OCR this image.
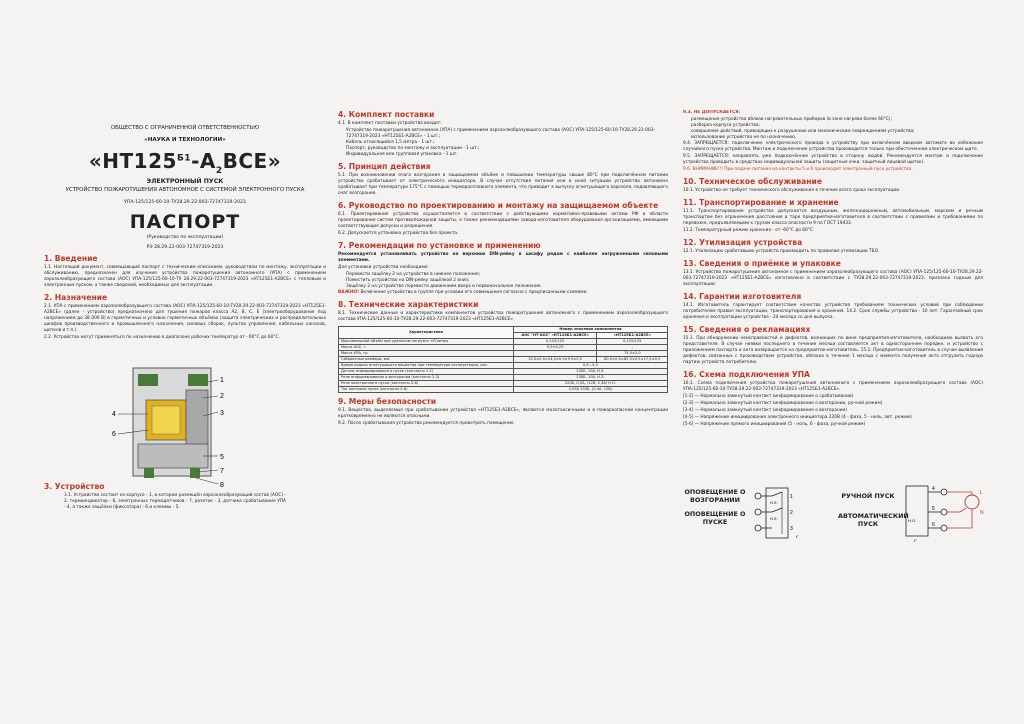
ОБЩЕСТВО С ОГРАНИЧЕННОЙ ОТВЕТСТВЕННОСТЬЮ
«НАУКА И ТЕХНОЛОГИИ»
«$НТ125^{Б1}-А_2ВСЕ$»
ЭЛЕКТРОННЫЙ ПУСК
УСТРОЙСТВО ПОЖАРОТУШЕНИЯ АВТОНОМНОЕ С СИСТЕМОЙ ЭЛЕКТРОННОГО ПУСКА
УПА-125/125-60-10-ТУ28.29.22-003-72747319-2023
ПАСПОРТ
(Руководство по эксплуатации)
РЭ 28.29.22-003-72747319-2023
1. Введение
1.1. Настоящий документ, совмещающий паспорт с техническим описанием, руководством по монтажу, эксплуатации и обслуживанию, предназначен для изучения устройства пожаротушения автономного (УПА) с применением аэрозолеобразующего состава (АОС) УПА-125/125-60-10-ТУ 28.29.22-003-72747319-2023 «НТ125Б1-А2ВСЕ» с тепловым и электронным пуском, а также сведений, необходимых для эксплуатации.
2. Назначение
2.1. УПА с применением аэрозолеобразующего состава (АОС) УПА-125/125-60-10-ТУ28.29.22-003-72747319-2023 «НТ125Б1-А2ВСЕ» (далее - устройство) предназначено для тушения пожаров класса А2, В, С, Е (электрооборудования под напряжением до 38 000 В) в герметичных и условно герметичных объёмах (защита электрических и распределительных шкафов производственного и промышленного назначения, силовых сборок, пультов управления, кабельных каналов, щитков и т.п.).
2.2. Устройство могут применяться по назначению в диапазоне рабочих температур от - 60°С до 60°С.
3. Устройство
3.1. Устройство состоит из корпуса - 1, в котором размещён аэрозолеобразующий состав (АОС) - 2, термоиндикатор - 8, электронных термодатчиков - 7, розеток - 3, датчика срабатывания УПА - 4, а также защёлки (фиксатора) - 6 и клеммы - 5.
4
6
1
2
3
5
7
8
4. Комплект поставки
4.1. В комплект поставки устройства входит:
• Устройство пожаротушения автономное (УПА) с применением аэрозолеобразующего состава (АОС) УПА-125/125-60-10-ТУ28.29.22-003-72747319-2023 «НТ125Б1-А2ВСЕ» - 1 шт.;
• Кабель относящийся 1,5 метра - 1 шт.;
• Паспорт, руководство по монтажу и эксплуатации - 1 шт.;
• Индивидуальная или групповая упаковка - 1 шт.
5. Принцип действия
5.1. При возникновении очага возгорания в защищаемом объёме и повышении температуры свыше 80°С при подключённом питании устройство срабатывает от электрического инициатора. В случае отсутствия питания или в иной ситуации устройство автономно срабатывает при температуре 175°С с помощью терморасплавного элемента, что приводит к выпуску огнетушащего аэрозоля, подавляющего очаг возгорания.
6. Руководство по проектированию и монтажу на защищаемом объекте
6.1. Проектирование устройства осуществляется в соответствии с действующими нормативно-правовыми актами РФ в области проектирования систем противопожарной защиты, а также рекомендациями завода-изготовителя оборудования организациями, имеющими соответствующие допуски и разрешения.
6.2. Допускается установка устройства без проекта.
7. Рекомендации по установке и применению
Рекомендуется устанавливать устройство на верхнюю DIN-рейку в шкафу рядом с наиболее нагруженными силовыми элементами.
Для установки устройства необходимо:
• Перевести защёлку 2 на устройстве в нижнее положение;
• Поместить устройство на DIN-рейку защёлкой 2 вниз;
• Защёлку 2 на устройстве перевести движением вверх в первоначальное положение.
ВАЖНО! Включение устройства в группе при условии его совмещения согласно с предписанными схемами.
8. Технические характеристики
8.1. Технические данные и характеристики компонентов устройства пожаротушения автономного с применением аэрозолеобразующего состава УПА-125/125-60-10-ТУ28.29.22-003-72747319-2023 «НТ125Б1-А2ВСЕ»
Характеристики	Номер значения компонентов	
	АОС "НТ-АОС" «НТ125Б1-А2ВСЕ»	«НТ125Б1-А2ВСЕ»
Максимальный объём при удельном нагрузке, м³/литры	0,125/125	0,125/125
Масса АОС, г.	9,5±0,25	-
Масса УПА, гр.	-	75,0±2,0
Габаритные размеры, мм.	15,0±0,5×24,0±0,5×9,0±0,5	80,0±0,5×65,0±0,5×17,5±0,5
Время подачи огнетушащего вещества при температуре эксплуатации, сек.	0,9...5,5	
Датчик информирования о пуске (контакты 1-2)	230Б, 10А, Н.З.	
Реле информирования о возгорании (контакты 2-3)	230Б, 10А, Н.З.	
Реле электронного пуска (контакты 5-6)	220Б, 0,5А, (12В, 0,3А) Н.О.	
Ток контроля пуска (контакты 5-6)	0,05А 233Б, (0,4А, 12В)	
9. Меры безопасности
9.1. Вещества, выделяемые при срабатывании устройства «НТ125Б1-А2ВСЕ», являются малотоксичными и в пожароопасной концентрации кратковременно не являются опасными.
9.2. После срабатывания устройства рекомендуется проветрить помещение.
9.3. НЕ ДОПУСКАЕТСЯ:
• размещение устройства вблизи нагревательных приборов (в зоне нагрева более 60°С);
• разборка корпуса устройства;
• совершение действий, приводящих к разрушению или механическим повреждениям устройства;
• использование устройства не по назначению.
9.4. ЗАПРЕЩАЕТСЯ: подключение электрического провода к устройству при включённом вводном автомате во избежание случайного пуска устройства. Монтаж и подключение устройства производится только при обесточенном электрическом щите.
9.5. ЗАПРЕЩАЕТСЯ: направлять уже подключённое устройство в сторону людей. Рекомендуется монтаж и подключение устройства проводить в средствах индивидуальной защиты (защитные очки, защитный лицевой щиток).
9.6. ВНИМАНИЕ!!! При подаче питания на контакты 5 и 6 происходит электронный пуск устройства.
10. Техническое обслуживание
10.1. Устройство не требует технического обслуживания в течение всего срока эксплуатации.
11. Транспортирование и хранение
11.1. Транспортирование устройства допускается воздушным, железнодорожным, автомобильным, морским и речным транспортом без ограничения расстояния в таре предприятия-изготовителя в соответствии с правилами и требованиями по перевозке, предъявляемыми к грузам класса опасности 9 по ГОСТ 19433.
11.2. Температурный режим хранения - от -60°С до 60°С.
12. Утилизация устройства
12.1. Утилизацию сработавших устройств производить по правилам утилизации ТБО.
13. Сведения о приёмке и упаковке
13.1. Устройство пожаротушения автономное с применением аэрозолеобразующего состава (АОС) УПА-125/125-60-10-ТУ28.29.22-003-72747319-2023 «НТ125Б1-А2ВСЕ» изготовлено в соответствии с ТУ28.29.22-003-72747319-2023, признано годным для эксплуатации.
14. Гарантии изготовителя
14.1. Изготовитель гарантирует соответствие качества устройства требованиям технических условий при соблюдении потребителем правил эксплуатации, транспортирования и хранения. 14.2. Срок службы устройства - 10 лет. Гарантийный срок хранения и эксплуатации устройства - 24 месяца со дня выпуска.
15. Сведения о рекламациях
15.1. При обнаружении неисправностей и дефектов, возникших по вине предприятия-изготовителя, необходимо вызвать его представителя. В случае неявки последнего в течение месяца составляется акт в одностороннем порядке, и устройство с приложением паспорта и акта возвращается на предприятие-изготовитель. 15.2. Предприятие-изготовитель в случае выявления дефектов, связанных с производством устройства, обязано в течение 1 месяца с момента получения акта отгрузить годную партию устройств потребителю.
16. Схема подключения УПА
16.1. Схема подключения устройства пожаротушения автономного с применением аэрозолеобразующего состава (АОС) УПА-125/125-60-10-ТУ28.29.22-003-72747319-2023 «НТ125Б1-А2ВСЕ».
[1-2] — Нормально замкнутый контакт (информирование о срабатывании)
[2-3] — Нормально замкнутый контакт (информирование о возгорании, ручной режим)
[3-4] — Нормально замкнутый контакт (информирование о возгорании)
[4-5] — Напряжение инициирования электронного инициатора 220В (4 - фаза, 5 - ноль, авт. режим)
[5-6] — Напряжение прямого инициирования (5 - ноль, 6 - фаза, ручной режим)
ОПОВЕЩЕНИЕ О ВОЗГОРАНИИ
ОПОВЕЩЕНИЕ О ПУСКЕ
1
2
3
Н.З.
Н.З.
t°
РУЧНОЙ ПУСК
АВТОМАТИЧЕСКИЙ ПУСК
4
5
6
L
N
Н.О.
t°
